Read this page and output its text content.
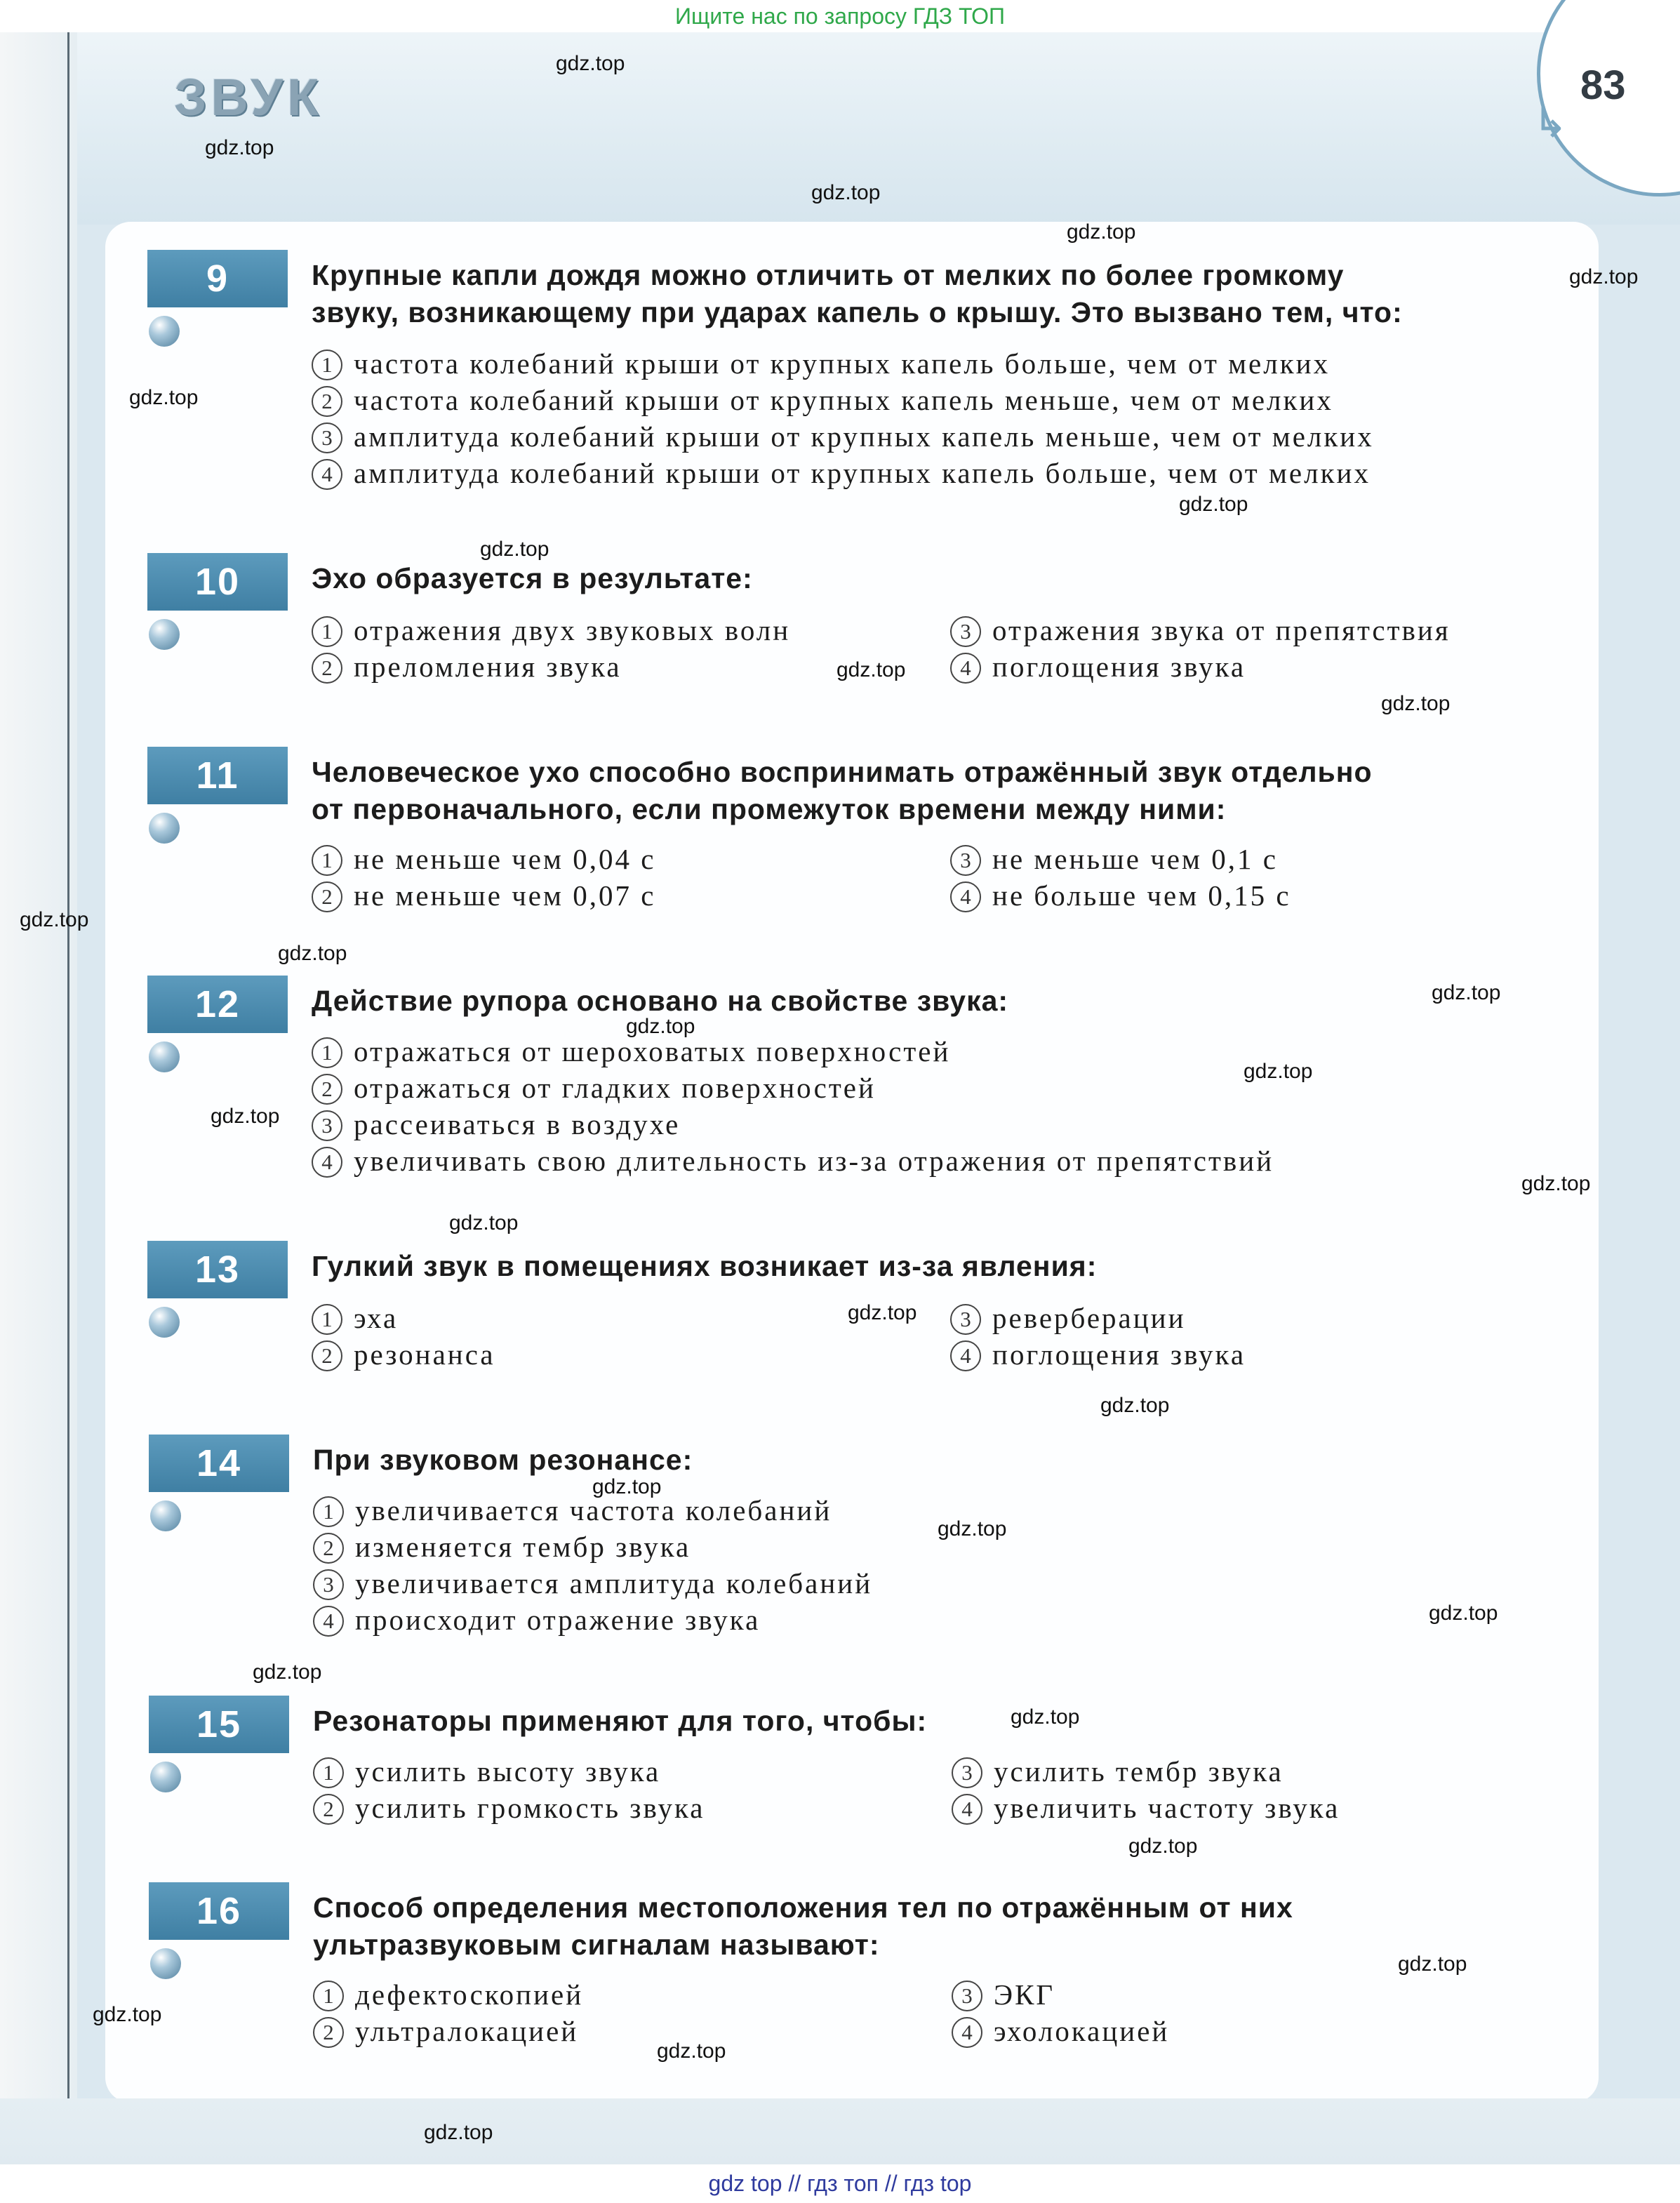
Ищите нас по запросу ГДЗ ТОП
ЗВУК	↳
83
9	Крупные капли дождя можно отличить от мелких по более громкому
звуку, возникающему при ударах капель о крышу. Это вызвано тем, что:

1 частота колебаний крыши от крупных капель больше, чем от мелких
2 частота колебаний крыши от крупных капель меньше, чем от мелких
3 амплитуда колебаний крыши от крупных капель меньше, чем от мелких
4 амплитуда колебаний крыши от крупных капель больше, чем от мелких
10	Эхо образуется в результате:

1 отражения двух звуковых волн
2 преломления звука
3 отражения звука от препятствия
4 поглощения звука
11	Человеческое ухо способно воспринимать отражённый звук отдельно
от первоначального, если промежуток времени между ними:

1 не меньше чем 0,04 с
2 не меньше чем 0,07 с
3 не меньше чем 0,1 с
4 не больше чем 0,15 с
12	Действие рупора основано на свойстве звука:

1 отражаться от шероховатых поверхностей
2 отражаться от гладких поверхностей
3 рассеиваться в воздухе
4 увеличивать свою длительность из-за отражения от препятствий
13	Гулкий звук в помещениях возникает из-за явления:

1 эха
2 резонанса
3 реверберации
4 поглощения звука
14	При звуковом резонансе:

1 увеличивается частота колебаний
2 изменяется тембр звука
3 увеличивается амплитуда колебаний
4 происходит отражение звука
15	Резонаторы применяют для того, чтобы:

1 усилить высоту звука
2 усилить громкость звука
3 усилить тембр звука
4 увеличить частоту звука
16	Способ определения местоположения тел по отражённым от них
ультразвуковым сигналам называют:

1 дефектоскопией
2 ультралокацией
3 ЭКГ
4 эхолокацией
gdz.top
gdz.top
gdz.top
gdz.top
gdz.top
gdz.top
gdz.top
gdz.top
gdz.top
gdz.top
gdz.top
gdz.top
gdz.top
gdz.top
gdz.top
gdz.top
gdz.top
gdz.top
gdz.top
gdz.top
gdz.top
gdz.top
gdz.top
gdz.top
gdz.top
gdz.top
gdz.top
gdz.top
gdz.top
gdz.top
gdz top // гдз топ // гдз top
